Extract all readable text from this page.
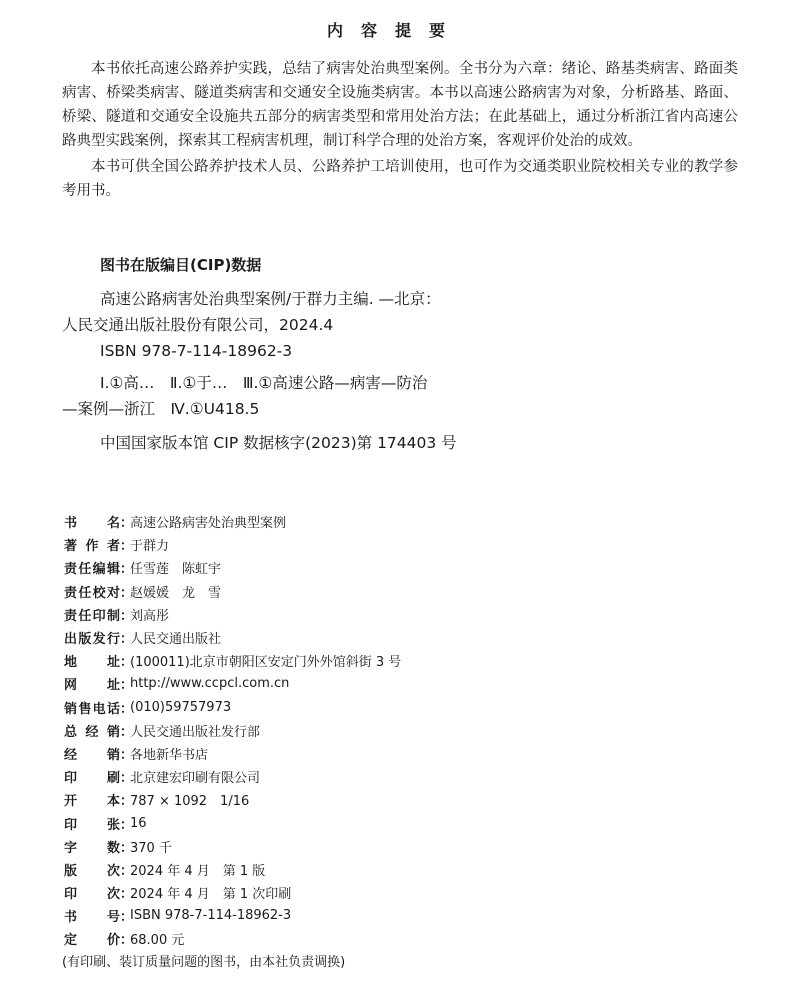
内容提要

本书依托高速公路养护实践，总结了病害处治典型案例。全书分为六章：绪论、路基类病害、路面类病害、桥梁类病害、隧道类病害和交通安全设施类病害。本书以高速公路病害为对象，分析路基、路面、桥梁、隧道和交通安全设施共五部分的病害类型和常用处治方法；在此基础上，通过分析浙江省内高速公路典型实践案例，探索其工程病害机理，制订科学合理的处治方案，客观评价处治的成效。

本书可供全国公路养护技术人员、公路养护工培训使用，也可作为交通类职业院校相关专业的教学参考用书。

图书在版编目(CIP)数据
高速公路病害处治典型案例/于群力主编. —北京：
人民交通出版社股份有限公司，2024.4
ISBN 978-7-114-18962-3
Ⅰ.①高…　Ⅱ.①于…　Ⅲ.①高速公路—病害—防治
—案例—浙江　Ⅳ.①U418.5
中国国家版本馆 CIP 数据核字(2023)第 174403 号
书名 ：
高速公路病害处治典型案例
著作者 ：
于群力
责任编辑 ：
任雪莲　陈虹宇
责任校对 ：
赵媛媛　龙　雪
责任印制 ：
刘高彤
出版发行 ：
人民交通出版社
地址 ：
(100011)北京市朝阳区安定门外外馆斜街 3 号
网址 ：
http://www.ccpcl.com.cn
销售电话 ：
(010)59757973
总经销 ：
人民交通出版社发行部
经销 ：
各地新华书店
印刷 ：
北京建宏印刷有限公司
开本 ：
787 × 1092　1/16
印张 ：
16
字数 ：
370 千
版次 ：
2024 年 4 月　第 1 版
印次 ：
2024 年 4 月　第 1 次印刷
书号 ：
ISBN 978-7-114-18962-3
定价 ：
68.00 元
(有印刷、装订质量问题的图书，由本社负责调换)
